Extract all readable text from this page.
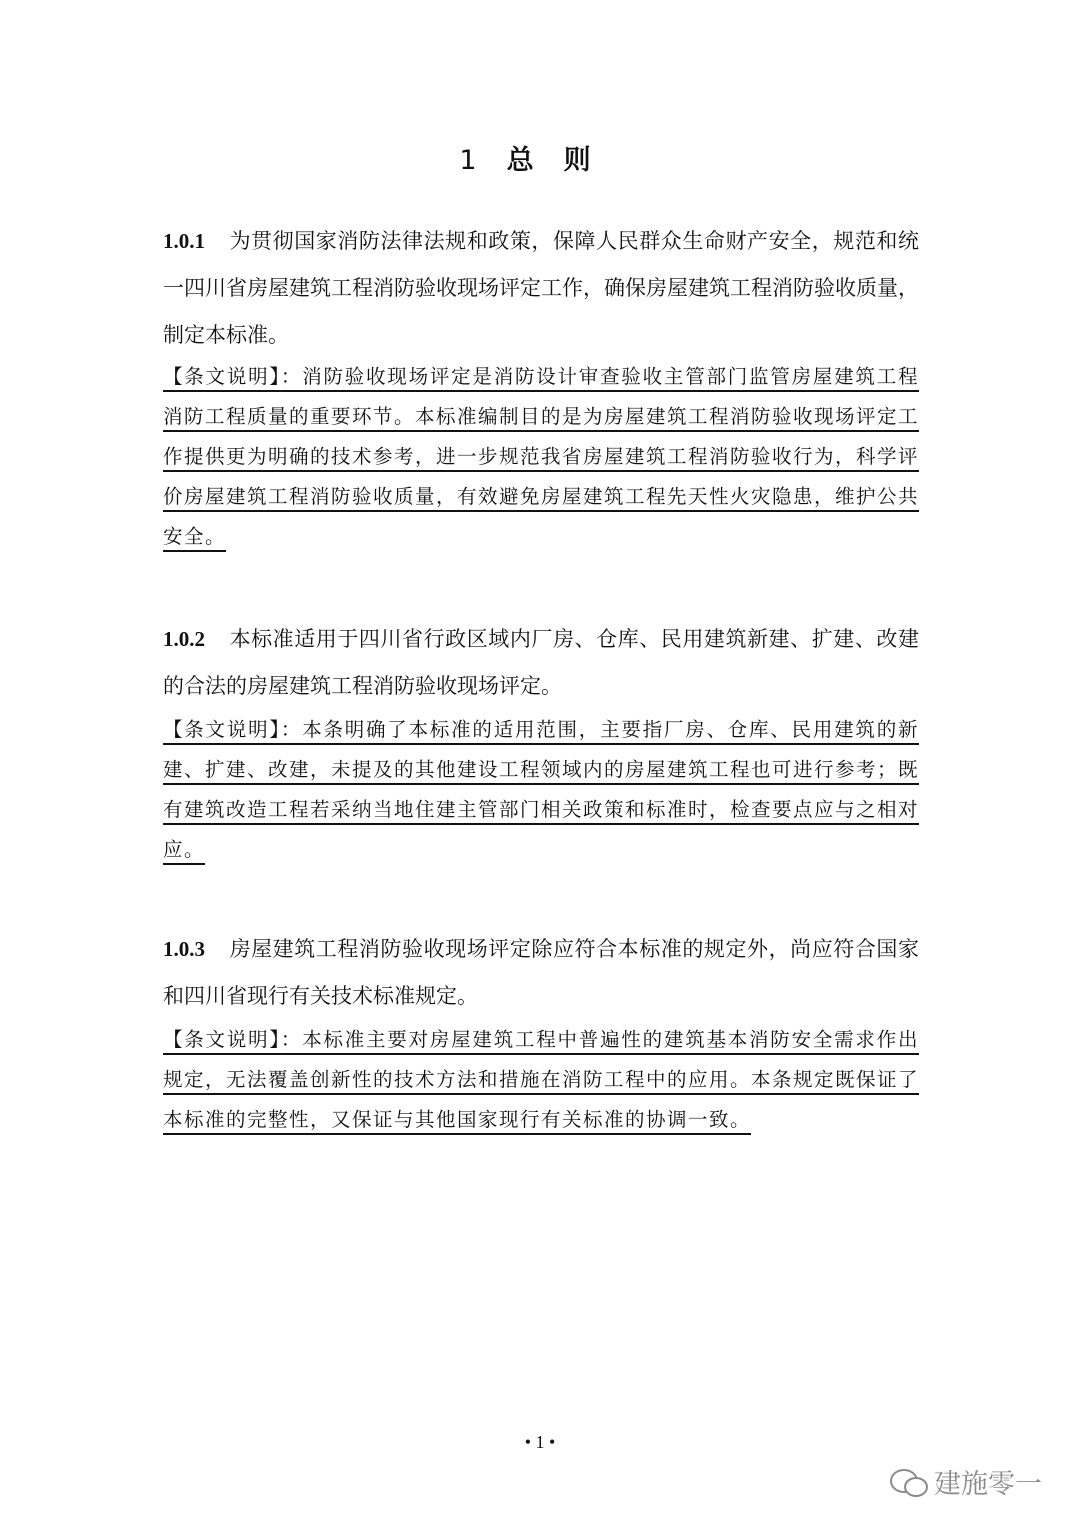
1 总则
1.0.1 为贯彻国家消防法律法规和政策，保障人民群众生命财产安全，规范和统一四川省房屋建筑工程消防验收现场评定工作，确保房屋建筑工程消防验收质量，制定本标准。
【条文说明】：消防验收现场评定是消防设计审查验收主管部门监管房屋建筑工程消防工程质量的重要环节。本标准编制目的是为房屋建筑工程消防验收现场评定工作提供更为明确的技术参考，进一步规范我省房屋建筑工程消防验收行为，科学评价房屋建筑工程消防验收质量，有效避免房屋建筑工程先天性火灾隐患，维护公共安全。
1.0.2 本标准适用于四川省行政区域内厂房、仓库、民用建筑新建、扩建、改建的合法的房屋建筑工程消防验收现场评定。
【条文说明】：本条明确了本标准的适用范围，主要指厂房、仓库、民用建筑的新建、扩建、改建，未提及的其他建设工程领域内的房屋建筑工程也可进行参考；既有建筑改造工程若采纳当地住建主管部门相关政策和标准时，检查要点应与之相对应。
1.0.3 房屋建筑工程消防验收现场评定除应符合本标准的规定外，尚应符合国家和四川省现行有关技术标准规定。
【条文说明】：本标准主要对房屋建筑工程中普遍性的建筑基本消防安全需求作出规定，无法覆盖创新性的技术方法和措施在消防工程中的应用。本条规定既保证了本标准的完整性，又保证与其他国家现行有关标准的协调一致。
• 1 •
建施零一
